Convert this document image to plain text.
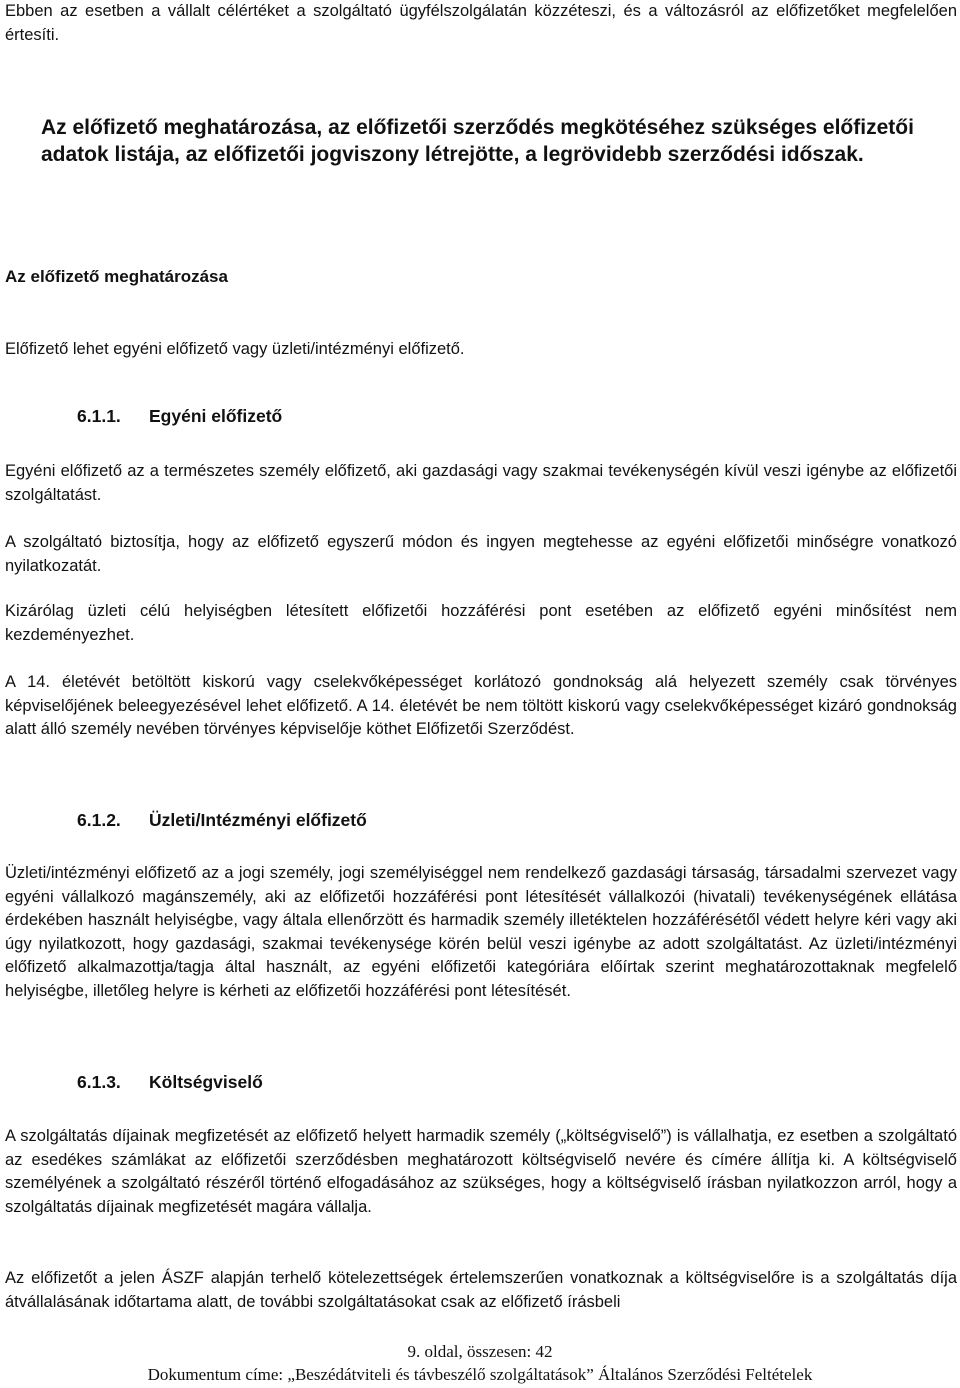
Ebben az esetben a vállalt célértéket a szolgáltató ügyfélszolgálatán közzéteszi, és a változásról az előfizetőket megfelelően értesíti.

Az előfizető meghatározása, az előfizetői szerződés megkötéséhez szükséges előfizetői adatok listája, az előfizetői jogviszony létrejötte, a legrövidebb szerződési időszak.
Az előfizető meghatározása

Előfizető lehet egyéni előfizető vagy üzleti/intézményi előfizető.

6.1.1. Egyéni előfizető

Egyéni előfizető az a természetes személy előfizető, aki gazdasági vagy szakmai tevékenységén kívül veszi igénybe az előfizetői szolgáltatást.

A szolgáltató biztosítja, hogy az előfizető egyszerű módon és ingyen megtehesse az egyéni előfizetői minőségre vonatkozó nyilatkozatát.

Kizárólag üzleti célú helyiségben létesített előfizetői hozzáférési pont esetében az előfizető egyéni minősítést nem kezdeményezhet.

A 14. életévét betöltött kiskorú vagy cselekvőképességet korlátozó gondnokság alá helyezett személy csak törvényes képviselőjének beleegyezésével lehet előfizető. A 14. életévét be nem töltött kiskorú vagy cselekvőképességet kizáró gondnokság alatt álló személy nevében törvényes képviselője köthet Előfizetői Szerződést.

6.1.2. Üzleti/Intézményi előfizető

Üzleti/intézményi előfizető az a jogi személy, jogi személyiséggel nem rendelkező gazdasági társaság, társadalmi szervezet vagy egyéni vállalkozó magánszemély, aki az előfizetői hozzáférési pont létesítését vállalkozói (hivatali) tevékenységének ellátása érdekében használt helyiségbe, vagy általa ellenőrzött és harmadik személy illetéktelen hozzáférésétől védett helyre kéri vagy aki úgy nyilatkozott, hogy gazdasági, szakmai tevékenysége körén belül veszi igénybe az adott szolgáltatást. Az üzleti/intézményi előfizető alkalmazottja/tagja által használt, az egyéni előfizetői kategóriára előírtak szerint meghatározottaknak megfelelő helyiségbe, illetőleg helyre is kérheti az előfizetői hozzáférési pont létesítését.

6.1.3. Költségviselő

A szolgáltatás díjainak megfizetését az előfizető helyett harmadik személy („költségviselő”) is vállalhatja, ez esetben a szolgáltató az esedékes számlákat az előfizetői szerződésben meghatározott költségviselő nevére és címére állítja ki. A költségviselő személyének a szolgáltató részéről történő elfogadásához az szükséges, hogy a költségviselő írásban nyilatkozzon arról, hogy a szolgáltatás díjainak megfizetését magára vállalja.

Az előfizetőt a jelen ÁSZF alapján terhelő kötelezettségek értelemszerűen vonatkoznak a költségviselőre is a szolgáltatás díja átvállalásának időtartama alatt, de további szolgáltatásokat csak az előfizető írásbeli

9. oldal, összesen: 42
Dokumentum címe: „Beszédátviteli és távbeszélő szolgáltatások” Általános Szerződési Feltételek
